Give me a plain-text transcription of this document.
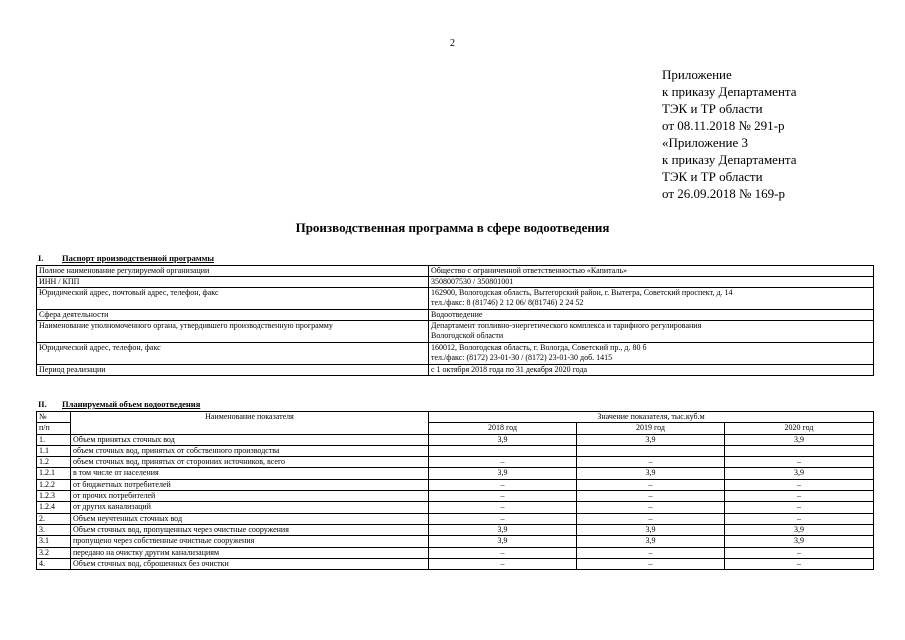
2
Приложение
к приказу Департамента
ТЭК и ТР области
от 08.11.2018 № 291-р
«Приложение 3
к приказу Департамента
ТЭК и ТР области
от 26.09.2018 № 169-р
Производственная программа в сфере водоотведения
I. Паспорт производственной программы
Полное наименование регулируемой организации	Общество с ограниченной ответственностью «Капиталь»

ИНН / КПП	3508007530 / 350801001

Юридический адрес, почтовый адрес, телефон, факс	162900, Вологодская область, Вытегорский район, г. Вытегра, Советский проспект, д. 14
тел./факс: 8 (81746) 2 12 06/ 8(81746) 2 24 52

Сфера деятельности	Водоотведение

Наименование уполномоченного органа, утвердившего производственную программу	Департамент топливно-энергетического комплекса и тарифного регулирования
Вологодской области

Юридический адрес, телефон, факс	160012, Вологодская область, г. Вологда, Советский пр., д. 80 б
тел./факс: (8172) 23-01-30 / (8172) 23-01-30 доб. 1415

Период реализации	с 1 октября 2018 года по 31 декабря 2020 года
II. Планируемый объем водоотведения
№	Наименование показателя	Значение показателя, тыс.куб.м		
п/п		2018 год	2019 год	2020 год
1.	Объем принятых сточных вод	3,9	3,9	3,9
1.1	объем сточных вод, принятых от собственного производства			
1.2	объем сточных вод, принятых от сторонних источников, всего	–	–	–
1.2.1	в том числе от населения	3,9	3,9	3,9
1.2.2	от бюджетных потребителей	–	–	–
1.2.3	от прочих потребителей	–	–	–
1.2.4	от других канализаций	–	–	–
2.	Объем неучтенных сточных вод	–	–	–
3.	Объем сточных вод, пропущенных через очистные сооружения	3,9	3,9	3,9
3.1	пропущено через собственные очистные сооружения	3,9	3,9	3,9
3.2	передано на очистку другим канализациям	–	–	–
4.	Объем сточных вод, сброшенных без очистки	–	–	–
